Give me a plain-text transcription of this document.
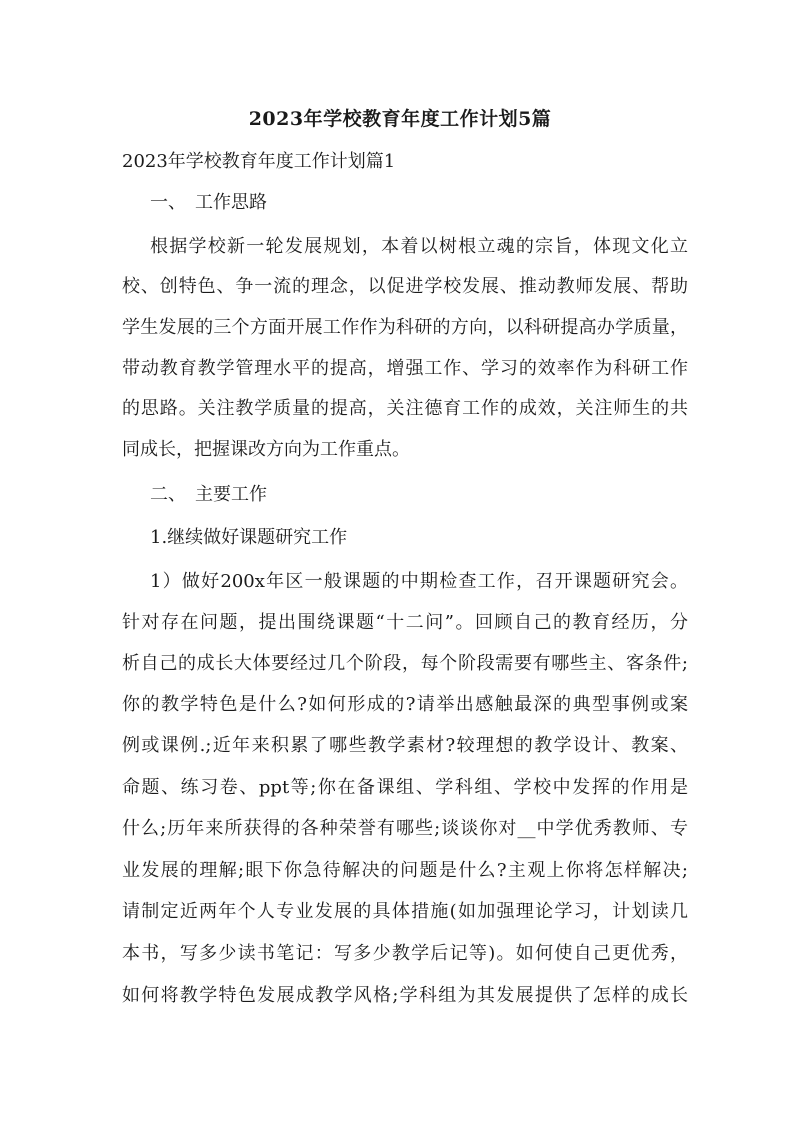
2023年学校教育年度工作计划5篇
2023年学校教育年度工作计划篇1
一、　工作思路
根据学校新一轮发展规划，本着以树根立魂的宗旨，体现文化立
校、创特色、争一流的理念，以促进学校发展、推动教师发展、帮助
学生发展的三个方面开展工作作为科研的方向，以科研提高办学质量，
带动教育教学管理水平的提高，增强工作、学习的效率作为科研工作
的思路。关注教学质量的提高，关注德育工作的成效，关注师生的共
同成长，把握课改方向为工作重点。
二、　主要工作
1.继续做好课题研究工作
1）做好200x年区一般课题的中期检查工作，召开课题研究会。
针对存在问题，提出围绕课题“十二问”。回顾自己的教育经历，分
析自己的成长大体要经过几个阶段，每个阶段需要有哪些主、客条件;
你的教学特色是什么?如何形成的?请举出感触最深的典型事例或案
例或课例.;近年来积累了哪些教学素材?较理想的教学设计、教案、
命题、练习卷、ppt等;你在备课组、学科组、学校中发挥的作用是
什么;历年来所获得的各种荣誉有哪些;谈谈你对__中学优秀教师、专
业发展的理解;眼下你急待解决的问题是什么?主观上你将怎样解决;
请制定近两年个人专业发展的具体措施(如加强理论学习，计划读几
本书，写多少读书笔记：写多少教学后记等)。如何使自己更优秀，
如何将教学特色发展成教学风格;学科组为其发展提供了怎样的成长
